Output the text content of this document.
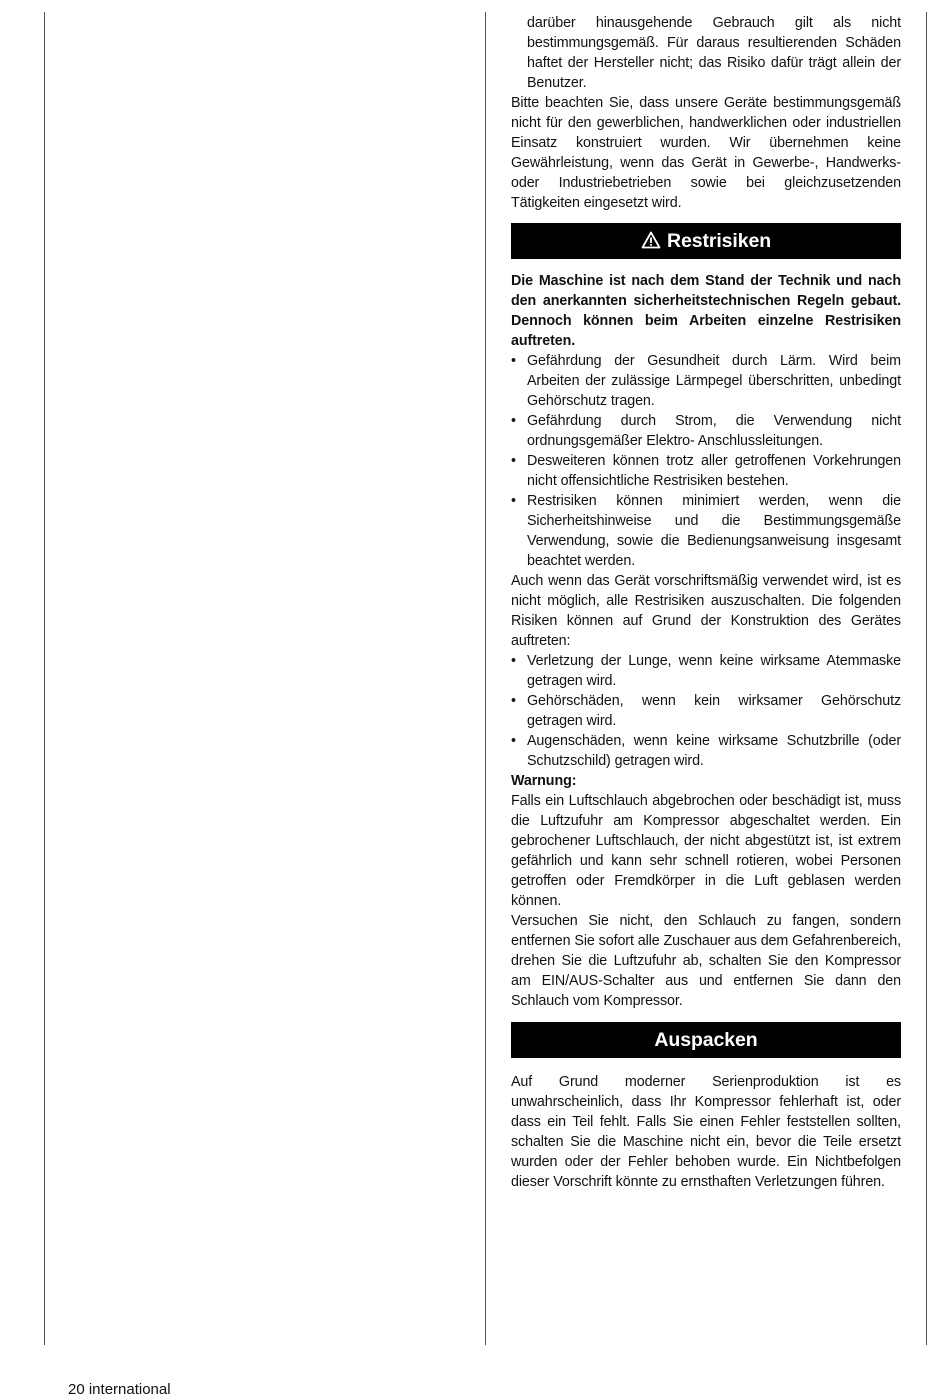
darüber hinausgehende Gebrauch gilt als nicht bestimmungsgemäß. Für daraus resultierenden Schäden haftet der Hersteller nicht; das Risiko dafür trägt allein der Benutzer.

Bitte beachten Sie, dass unsere Geräte bestimmungsgemäß nicht für den gewerblichen, handwerklichen oder industriellen Einsatz konstruiert wurden. Wir übernehmen keine Gewährleistung, wenn das Gerät in Gewerbe-, Handwerks- oder Industriebetrieben sowie bei gleichzusetzenden Tätigkeiten eingesetzt wird.

Restrisiken

Die Maschine ist nach dem Stand der Technik und nach den anerkannten sicherheitstechnischen Regeln gebaut. Dennoch können beim Arbeiten einzelne Restrisiken auftreten.

• Gefährdung der Gesundheit durch Lärm. Wird beim Arbeiten der zulässige Lärmpegel überschritten, unbedingt Gehörschutz tragen.
• Gefährdung durch Strom, die Verwendung nicht ordnungsgemäßer Elektro- Anschlussleitungen.
• Desweiteren können trotz aller getroffenen Vorkehrungen nicht offensichtliche Restrisiken bestehen.
• Restrisiken können minimiert werden, wenn die Sicherheitshinweise und die Bestimmungsgemäße Verwendung, sowie die Bedienungsanweisung insgesamt beachtet werden.

Auch wenn das Gerät vorschriftsmäßig verwendet wird, ist es nicht möglich, alle Restrisiken auszuschalten. Die folgenden Risiken können auf Grund der Konstruktion des Gerätes auftreten:

• Verletzung der Lunge, wenn keine wirksame Atemmaske getragen wird.
• Gehörschäden, wenn kein wirksamer Gehörschutz getragen wird.
• Augenschäden, wenn keine wirksame Schutzbrille (oder Schutzschild) getragen wird.

Warnung:

Falls ein Luftschlauch abgebrochen oder beschädigt ist, muss die Luftzufuhr am Kompressor abgeschaltet werden. Ein gebrochener Luftschlauch, der nicht abgestützt ist, ist extrem gefährlich und kann sehr schnell rotieren, wobei Personen getroffen oder Fremdkörper in die Luft geblasen werden können.

Versuchen Sie nicht, den Schlauch zu fangen, sondern entfernen Sie sofort alle Zuschauer aus dem Gefahrenbereich, drehen Sie die Luftzufuhr ab, schalten Sie den Kompressor am EIN/AUS-Schalter aus und entfernen Sie dann den Schlauch vom Kompressor.

Auspacken

Auf Grund moderner Serienproduktion ist es unwahrscheinlich, dass Ihr Kompressor fehlerhaft ist, oder dass ein Teil fehlt. Falls Sie einen Fehler feststellen sollten, schalten Sie die Maschine nicht ein, bevor die Teile ersetzt wurden oder der Fehler behoben wurde. Ein Nichtbefolgen dieser Vorschrift könnte zu ernsthaften Verletzungen führen.

20 international
